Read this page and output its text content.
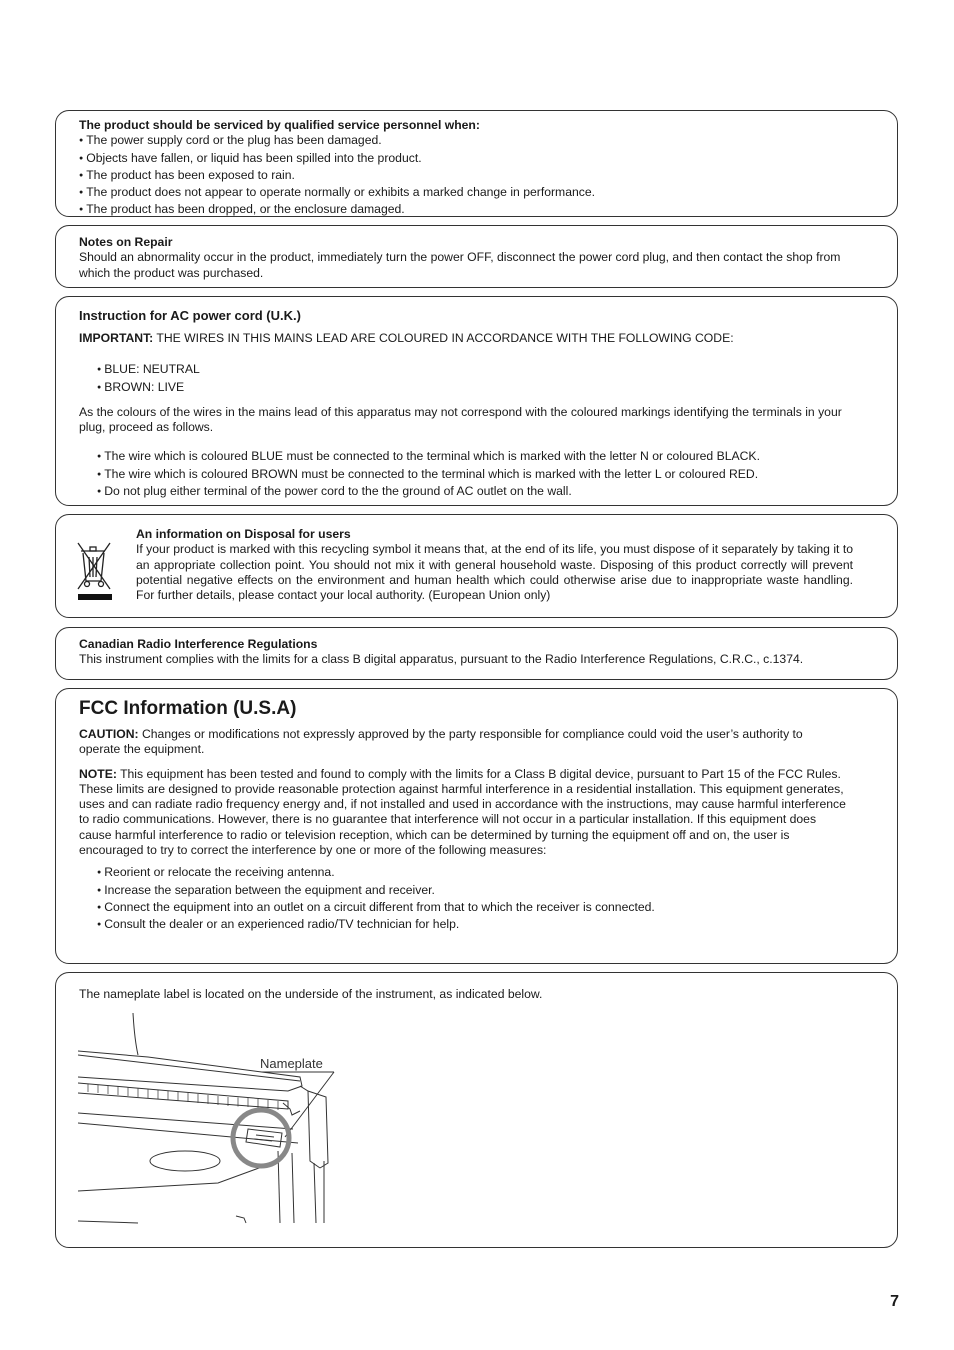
The product should be serviced by qualified service personnel when:

● The power supply cord or the plug has been damaged.
● Objects have fallen, or liquid has been spilled into the product.
● The product has been exposed to rain.
● The product does not appear to operate normally or exhibits a marked change in performance.
● The product has been dropped, or the enclosure damaged.

Notes on Repair

Should an abnormality occur in the product, immediately turn the power OFF, disconnect the power cord plug, and then contact the shop from which the product was purchased.

Instruction for AC power cord (U.K.)

IMPORTANT: THE WIRES IN THIS MAINS LEAD ARE COLOURED IN ACCORDANCE WITH THE FOLLOWING CODE:

● BLUE: NEUTRAL
● BROWN: LIVE

As the colours of the wires in the mains lead of this apparatus may not correspond with the coloured markings identifying the terminals in your plug, proceed as follows.

● The wire which is coloured BLUE must be connected to the terminal which is marked with the letter N or coloured BLACK.
● The wire which is coloured BROWN must be connected to the terminal which is marked with the letter L or coloured RED.
● Do not plug either terminal of the power cord to the the ground of AC outlet on the wall.

An information on Disposal for users

If your product is marked with this recycling symbol it means that, at the end of its life, you must dispose of it separately by taking it to an appropriate collection point. You should not mix it with general household waste. Disposing of this product correctly will prevent potential negative effects on the environment and human health which could otherwise arise due to inappropriate waste handling. For further details, please contact your local authority. (European Union only)

Canadian Radio Interference Regulations

This instrument complies with the limits for a class B digital apparatus, pursuant to the Radio Interference Regulations, C.R.C., c.1374.

FCC Information (U.S.A)

CAUTION: Changes or modifications not expressly approved by the party responsible for compliance could void the user’s authority to operate the equipment.

NOTE: This equipment has been tested and found to comply with the limits for a Class B digital device, pursuant to Part 15 of the FCC Rules. These limits are designed to provide reasonable protection against harmful interference in a residential installation. This equipment generates, uses and can radiate radio frequency energy and, if not installed and used in accordance with the instructions, may cause harmful interference to radio communications. However, there is no guarantee that interference will not occur in a particular installation. If this equipment does cause harmful interference to radio or television reception, which can be determined by turning the equipment off and on, the user is encouraged to try to correct the interference by one or more of the following measures:

● Reorient or relocate the receiving antenna.
● Increase the separation between the equipment and receiver.
● Connect the equipment into an outlet on a circuit different from that to which the receiver is connected.
● Consult the dealer or an experienced radio/TV technician for help.

The nameplate label is located on the underside of the instrument, as indicated below.

Nameplate
7
